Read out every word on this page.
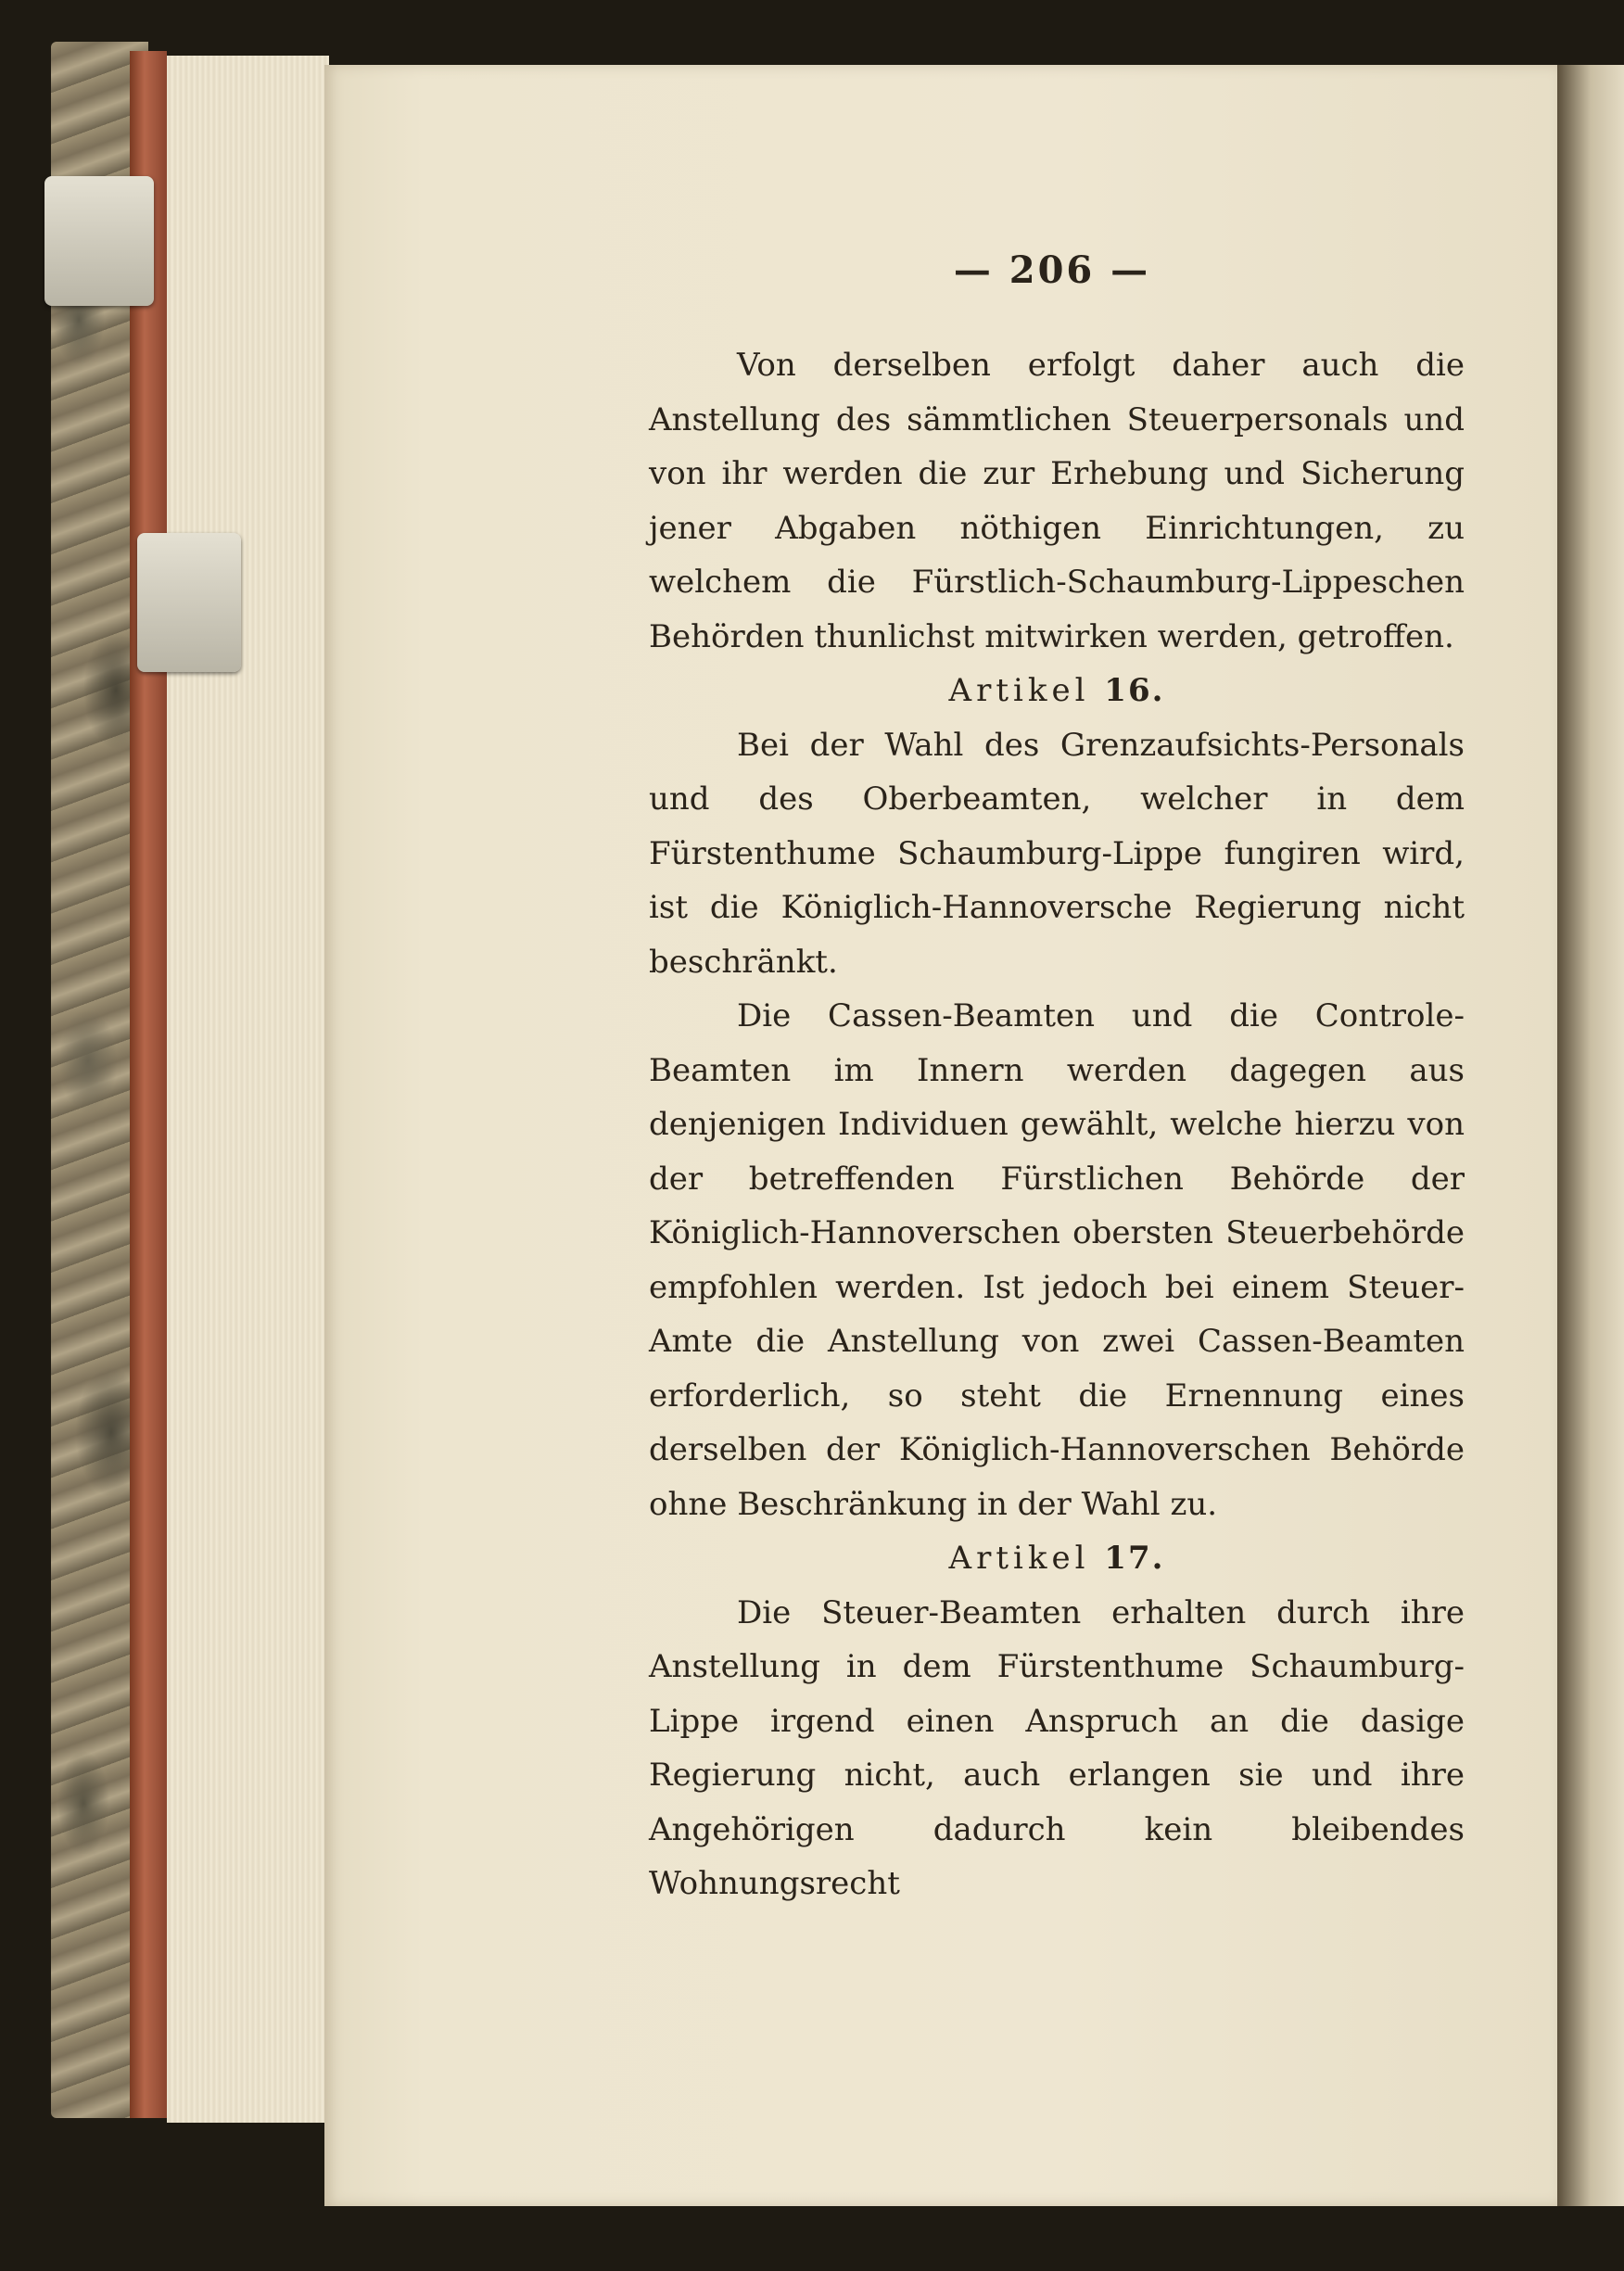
— 206 —

Von derselben erfolgt daher auch die Anstellung des sämmtlichen Steuerpersonals und von ihr werden die zur Erhebung und Sicherung jener Abgaben nöthigen Einrichtungen, zu welchem die Fürstlich-Schaumburg-Lippeschen Behörden thunlichst mitwirken werden, getroffen.

Artikel 16.

Bei der Wahl des Grenzaufsichts-Personals und des Oberbeamten, welcher in dem Fürstenthume Schaumburg-Lippe fungiren wird, ist die Königlich-Hannoversche Regierung nicht beschränkt.

Die Cassen-Beamten und die Controle-Beamten im Innern werden dagegen aus denjenigen Individuen gewählt, welche hierzu von der betreffenden Fürstlichen Behörde der Königlich-Hannoverschen obersten Steuerbehörde empfohlen werden. Ist jedoch bei einem Steuer-Amte die Anstellung von zwei Cassen-Beamten erforderlich, so steht die Ernennung eines derselben der Königlich-Hannoverschen Behörde ohne Beschränkung in der Wahl zu.

Artikel 17.

Die Steuer-Beamten erhalten durch ihre Anstellung in dem Fürstenthume Schaumburg-Lippe irgend einen Anspruch an die dasige Regierung nicht, auch erlangen sie und ihre Angehörigen dadurch kein bleibendes Wohnungsrecht
